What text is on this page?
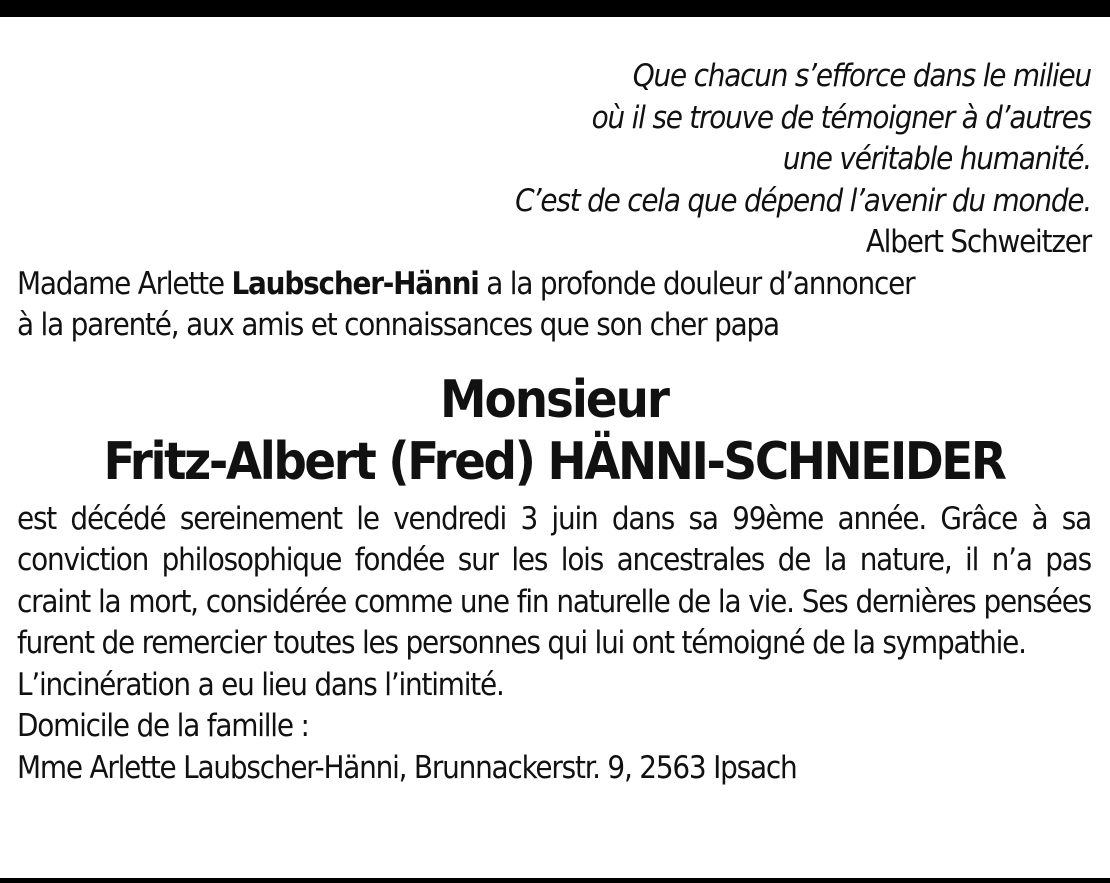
Que chacun s’efforce dans le milieu
où il se trouve de témoigner à d’autres
une véritable humanité.
C’est de cela que dépend l’avenir du monde.
Albert Schweitzer
Madame Arlette Laubscher-Hänni a la profonde douleur d’annoncer
à la parenté, aux amis et connaissances que son cher papa
Monsieur
Fritz-Albert (Fred) HÄNNI-SCHNEIDER
est décédé sereinement le vendredi 3 juin dans sa 99ème année. Grâce à sa conviction philosophique fondée sur les lois ancestrales de la nature, il n’a pas craint la mort, considérée comme une fin naturelle de la vie. Ses dernières pensées furent de remercier toutes les personnes qui lui ont témoigné de la sympathie.
L’incinération a eu lieu dans l’intimité.
Domicile de la famille :
Mme Arlette Laubscher-Hänni, Brunnackerstr. 9, 2563 Ipsach
